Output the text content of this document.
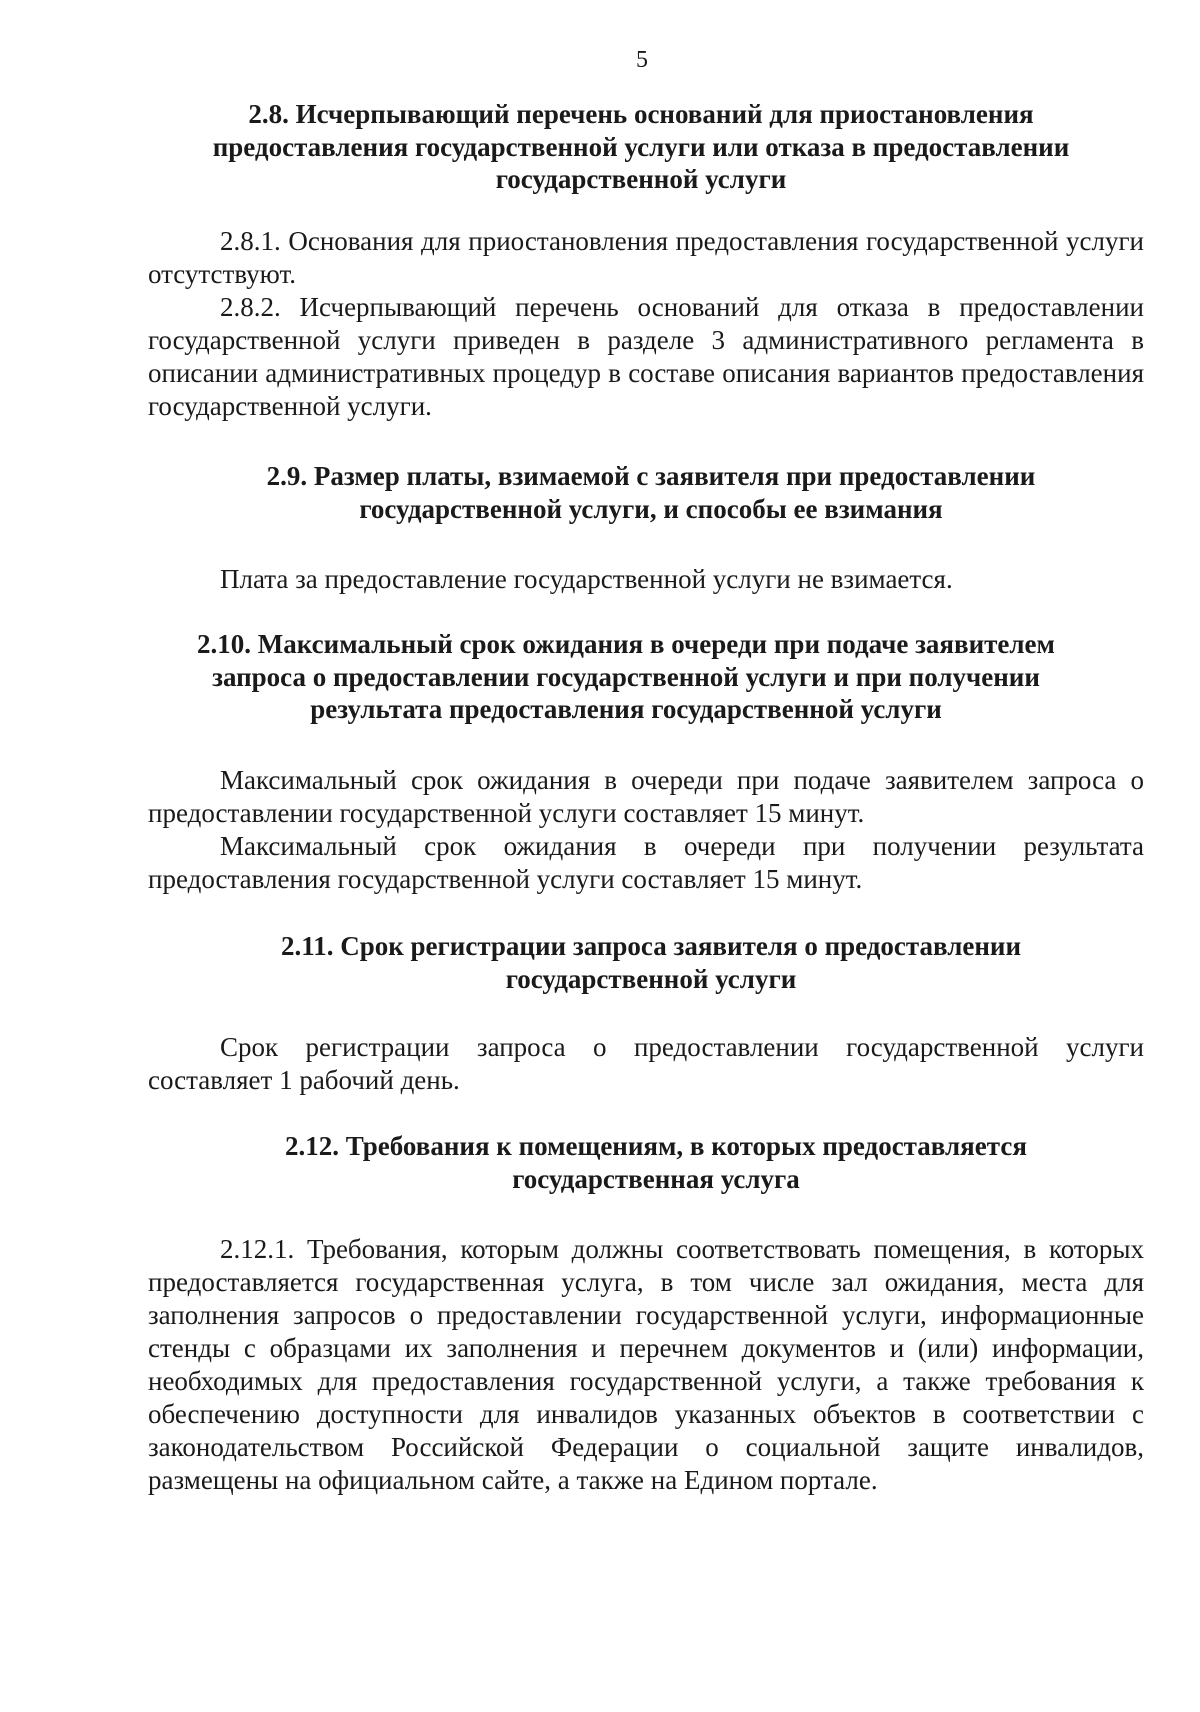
5

2.8. Исчерпывающий перечень оснований для приостановления предоставления государственной услуги или отказа в предоставлении государственной услуги

2.8.1. Основания для приостановления предоставления государственной услуги отсутствуют.

2.8.2. Исчерпывающий перечень оснований для отказа в предоставлении государственной услуги приведен в разделе 3 административного регламента в описании административных процедур в составе описания вариантов предоставления государственной услуги.

2.9. Размер платы, взимаемой с заявителя при предоставлении государственной услуги, и способы ее взимания

Плата за предоставление государственной услуги не взимается.

2.10. Максимальный срок ожидания в очереди при подаче заявителем запроса о предоставлении государственной услуги и при получении результата предоставления государственной услуги

Максимальный срок ожидания в очереди при подаче заявителем запроса о предоставлении государственной услуги составляет 15 минут.

Максимальный срок ожидания в очереди при получении результата предоставления государственной услуги составляет 15 минут.

2.11. Срок регистрации запроса заявителя о предоставлении государственной услуги

Срок регистрации запроса о предоставлении государственной услуги составляет 1 рабочий день.

2.12. Требования к помещениям, в которых предоставляется государственная услуга

2.12.1. Требования, которым должны соответствовать помещения, в которых предоставляется государственная услуга, в том числе зал ожидания, места для заполнения запросов о предоставлении государственной услуги, информационные стенды с образцами их заполнения и перечнем документов и (или) информации, необходимых для предоставления государственной услуги, а также требования к обеспечению доступности для инвалидов указанных объектов в соответствии с законодательством Российской Федерации о социальной защите инвалидов, размещены на официальном сайте, а также на Едином портале.
